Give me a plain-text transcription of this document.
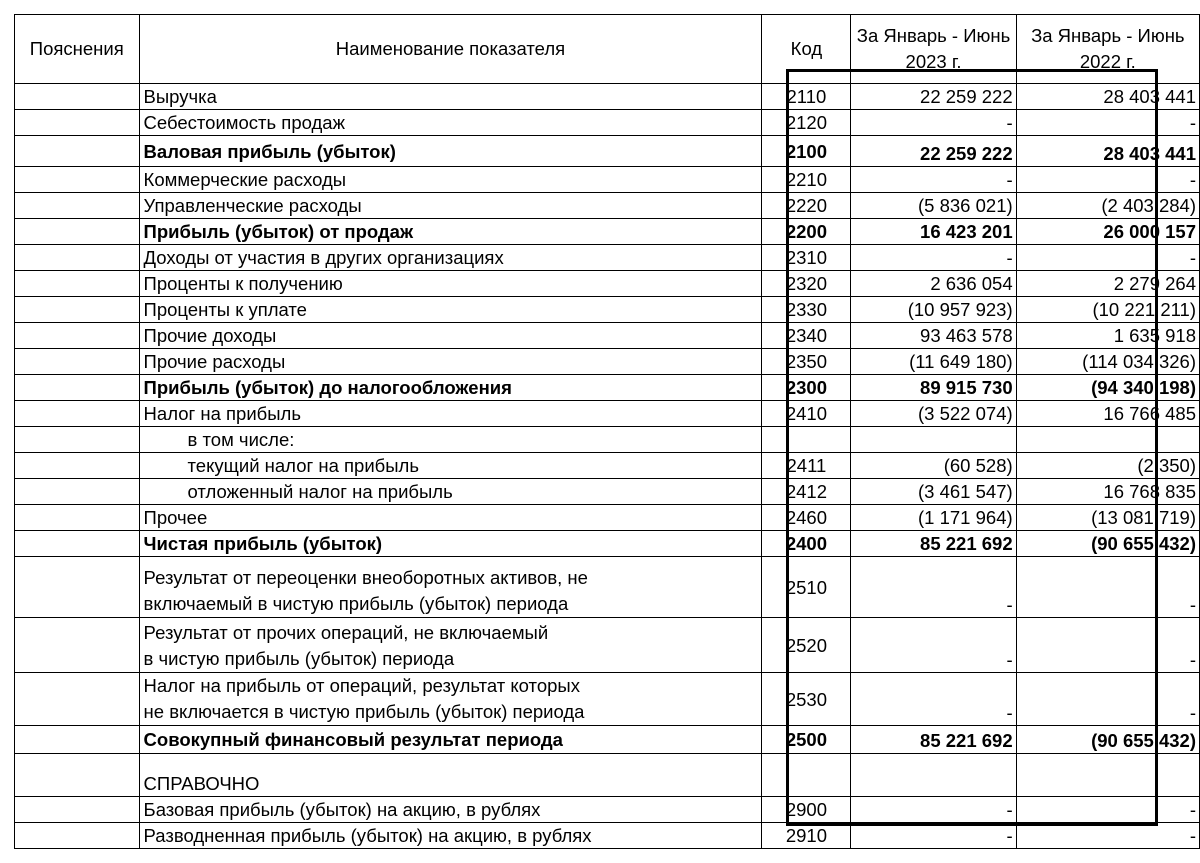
Пояснения	Наименование показателя	Код	За Январь - Июнь 2023 г.	За Январь - Июнь 2022 г.
	Выручка	2110	22 259 222	28 403 441
	Себестоимость продаж	2120	-	-
	Валовая прибыль (убыток)	2100	22 259 222	28 403 441
	Коммерческие расходы	2210	-	-
	Управленческие расходы	2220	(5 836 021)	(2 403 284)
	Прибыль (убыток) от продаж	2200	16 423 201	26 000 157
	Доходы от участия в других организациях	2310	-	-
	Проценты к получению	2320	2 636 054	2 279 264
	Проценты к уплате	2330	(10 957 923)	(10 221 211)
	Прочие доходы	2340	93 463 578	1 635 918
	Прочие расходы	2350	(11 649 180)	(114 034 326)
	Прибыль (убыток) до налогообложения	2300	89 915 730	(94 340 198)
	Налог на прибыль	2410	(3 522 074)	16 766 485
	в том числе:			
	текущий налог на прибыль	2411	(60 528)	(2 350)
	отложенный налог на прибыль	2412	(3 461 547)	16 768 835
	Прочее	2460	(1 171 964)	(13 081 719)
	Чистая прибыль (убыток)	2400	85 221 692	(90 655 432)

	Результат от переоценки внеоборотных активов, не
включаемый в чистую прибыль (убыток) периода	2510	-	-

	Результат от прочих операций, не включаемый
в чистую прибыль (убыток) периода	2520	-	-

	Налог на прибыль от операций, результат которых
не включается в чистую прибыль (убыток) периода	2530	-	-
	Совокупный финансовый результат периода	2500	85 221 692	(90 655 432)
	СПРАВОЧНО			
	Базовая прибыль (убыток) на акцию, в рублях	2900	-	-
	Разводненная прибыль (убыток) на акцию, в рублях	2910	-	-
